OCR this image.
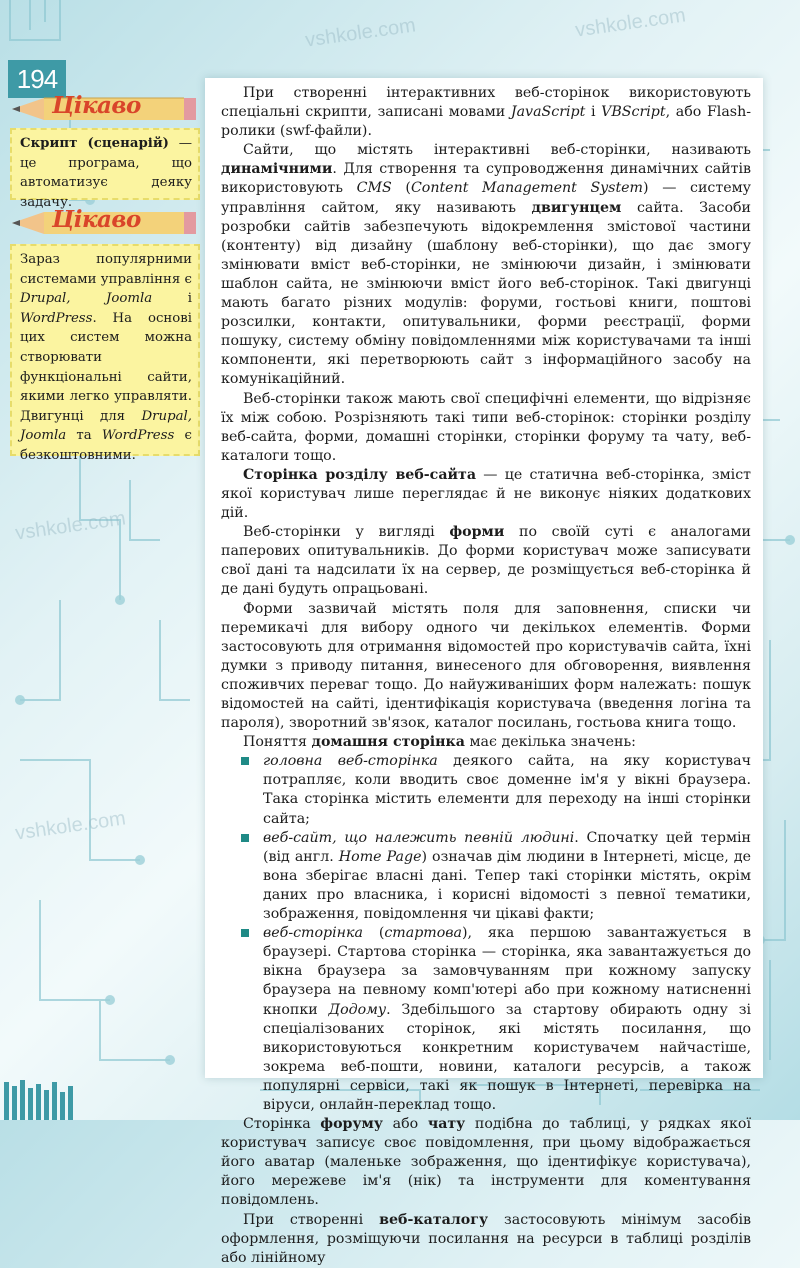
vshkole.com	vshkole.com
vshkole.com
vshkole.com
194
Цікаво
Скрипт (сценарій) — це програма, що автоматизує деяку задачу.
Цікаво
Зараз популярними системами управління є Drupal, Joomla і WordPress. На основі цих систем можна створювати функціональні сайти, якими легко управляти. Двигунці для Drupal, Joomla та WordPress є безкоштовними.

При створенні інтерактивних веб-сторінок використовують спеціальні скрипти, записані мовами JavaScript і VBScript, або Flash-ролики (swf-файли).

Сайти, що містять інтерактивні веб-сторінки, називають динамічними. Для створення та супроводження динамічних сайтів використовують CMS (Content Management System) — систему управління сайтом, яку називають двигунцем сайта. Засоби розробки сайтів забезпечують відокремлення змістової частини (контенту) від дизайну (шаблону веб-сторінки), що дає змогу змінювати вміст веб-сторінки, не змінюючи дизайн, і змінювати шаблон сайта, не змінюючи вміст його веб-сторінок. Такі двигунці мають багато різних модулів: форуми, гостьові книги, поштові розсилки, контакти, опитувальники, форми реєстрації, форми пошуку, систему обміну повідомленнями між користувачами та інші компоненти, які перетворюють сайт з інформаційного засобу на комунікаційний.

Веб-сторінки також мають свої специфічні елементи, що відрізняє їх між собою. Розрізняють такі типи веб-сторінок: сторінки розділу веб-сайта, форми, домашні сторінки, сторінки форуму та чату, веб-каталоги тощо.

Сторінка розділу веб-сайта — це статична веб-сторінка, зміст якої користувач лише переглядає й не виконує ніяких додаткових дій.

Веб-сторінки у вигляді форми по своїй суті є аналогами паперових опитувальників. До форми користувач може записувати свої дані та надсилати їх на сервер, де розміщується веб-сторінка й де дані будуть опрацьовані.

Форми зазвичай містять поля для заповнення, списки чи перемикачі для вибору одного чи декількох елементів. Форми застосовують для отримання відомостей про користувачів сайта, їхні думки з приводу питання, винесеного для обговорення, виявлення споживчих переваг тощо. До найуживаніших форм належать: пошук відомостей на сайті, ідентифікація користувача (введення логіна та пароля), зворотний зв'язок, каталог посилань, гостьова книга тощо.

Поняття домашня сторінка має декілька значень:

головна веб-сторінка деякого сайта, на яку користувач потрапляє, коли вводить своє доменне ім'я у вікні браузера. Така сторінка містить елементи для переходу на інші сторінки сайта;
веб-сайт, що належить певній людині. Спочатку цей термін (від англ. Home Page) означав дім людини в Інтернеті, місце, де вона зберігає власні дані. Тепер такі сторінки містять, окрім даних про власника, і корисні відомості з певної тематики, зображення, повідомлення чи цікаві факти;
веб-сторінка (стартова), яка першою завантажується в браузері. Стартова сторінка — сторінка, яка завантажується до вікна браузера за замовчуванням при кожному запуску браузера на певному комп'ютері або при кожному натисненні кнопки Додому. Здебільшого за стартову обирають одну зі спеціалізованих сторінок, які містять посилання, що використовуються конкретним користувачем найчастіше, зокрема веб-пошти, новини, каталоги ресурсів, а також популярні сервіси, такі як пошук в Інтернеті, перевірка на віруси, онлайн-переклад тощо.

Сторінка форуму або чату подібна до таблиці, у рядках якої користувач записує своє повідомлення, при цьому відображається його аватар (маленьке зображення, що ідентифікує користувача), його мережеве ім'я (нік) та інструменти для коментування повідомлень.

При створенні веб-каталогу застосовують мінімум засобів оформлення, розміщуючи посилання на ресурси в таблиці розділів або лінійному
